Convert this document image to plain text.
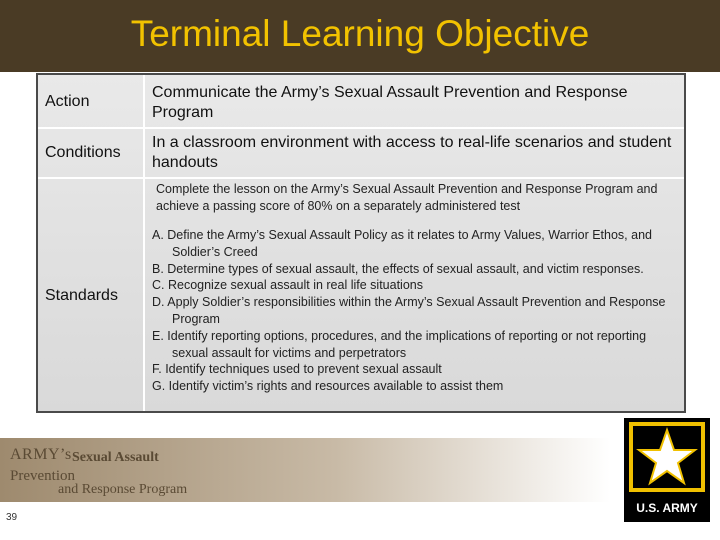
Terminal Learning Objective
Action
Communicate the Army’s Sexual Assault Prevention and Response Program
Conditions
In a classroom environment with access to real-life scenarios and student handouts
Standards
Complete the lesson on the Army’s Sexual Assault Prevention and Response Program and achieve a passing score of 80% on a separately administered test
A. Define the Army’s Sexual Assault Policy as it relates to Army Values, Warrior Ethos, and Soldier’s Creed
B. Determine types of sexual assault, the effects of sexual assault, and victim responses.
C. Recognize sexual assault in real life situations
D. Apply Soldier’s responsibilities within the Army’s Sexual Assault Prevention and Response Program
E. Identify reporting options, procedures, and the implications of reporting or not reporting sexual assault for victims and perpetrators
F. Identify techniques used to prevent sexual assault
G. Identify victim’s rights and resources available to assist them
ARMY’s Sexual Assault
Prevention
and Response Program
U.S. ARMY
39
